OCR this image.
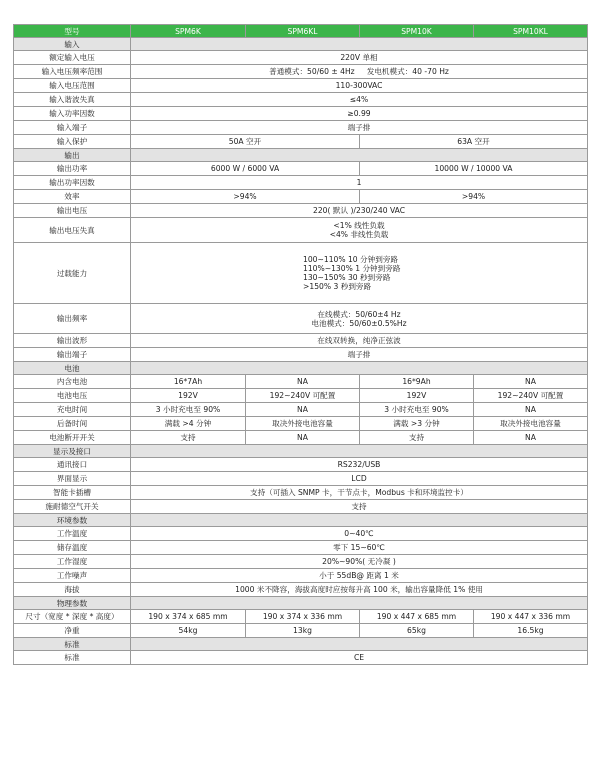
型号	SPM6K	SPM6KL	SPM10K	SPM10KL
输入				
额定输入电压	220V 单相			
输入电压频率范围	普通模式：50/60 ± 4Hz     发电机模式：40 -70 Hz			
输入电压范围	110-300VAC			
输入谐波失真	≤4%			
输入功率因数	≥0.99			
输入端子	端子排			
输入保护	50A 空开		63A 空开	
输出				
输出功率	6000 W / 6000 VA		10000 W / 10000 VA	
输出功率因数	1			
效率	>94%		>94%	
输出电压	220( 默认 )/230/240 VAC			
输出电压失真	<1% 线性负载
<4% 非线性负载			

过载能力	100~110% 10 分钟到旁路
110%~130% 1 分钟到旁路
130~150% 30 秒到旁路
>150% 3 秒到旁路			

输出频率	在线模式：50/60±4 Hz
电池模式：50/60±0.5%Hz			

输出波形	在线双转换，纯净正弦波			
输出端子	端子排			
电池				
内含电池	16*7Ah	NA	16*9Ah	NA
电池电压	192V	192~240V 可配置	192V	192~240V 可配置
充电时间	3 小时充电至 90%	NA	3 小时充电至 90%	NA
后备时间	满载 >4 分钟	取决外接电池容量	满载 >3 分钟	取决外接电池容量
电池断开开关	支持	NA	支持	NA
显示及接口				
通讯接口	RS232/USB			
界面显示	LCD			
智能卡插槽	支持（可插入 SNMP 卡，干节点卡，Modbus 卡和环境监控卡）			
施耐德空气开关	支持			
环境参数				
工作温度	0~40℃			
储存温度	零下 15~60℃			
工作湿度	20%~90%( 无冷凝 )			
工作噪声	小于 55dB@ 距离 1 米			
海拔	1000 米不降容，海拔高度时应按每升高 100 米，输出容量降低 1% 使用			
物理参数				
尺寸（宽度 * 深度 * 高度）	190 x 374 x 685 mm	190 x 374 x 336 mm	190 x 447 x 685 mm	190 x 447 x 336 mm
净重	54kg	13kg	65kg	16.5kg
标准				
标准	CE			
